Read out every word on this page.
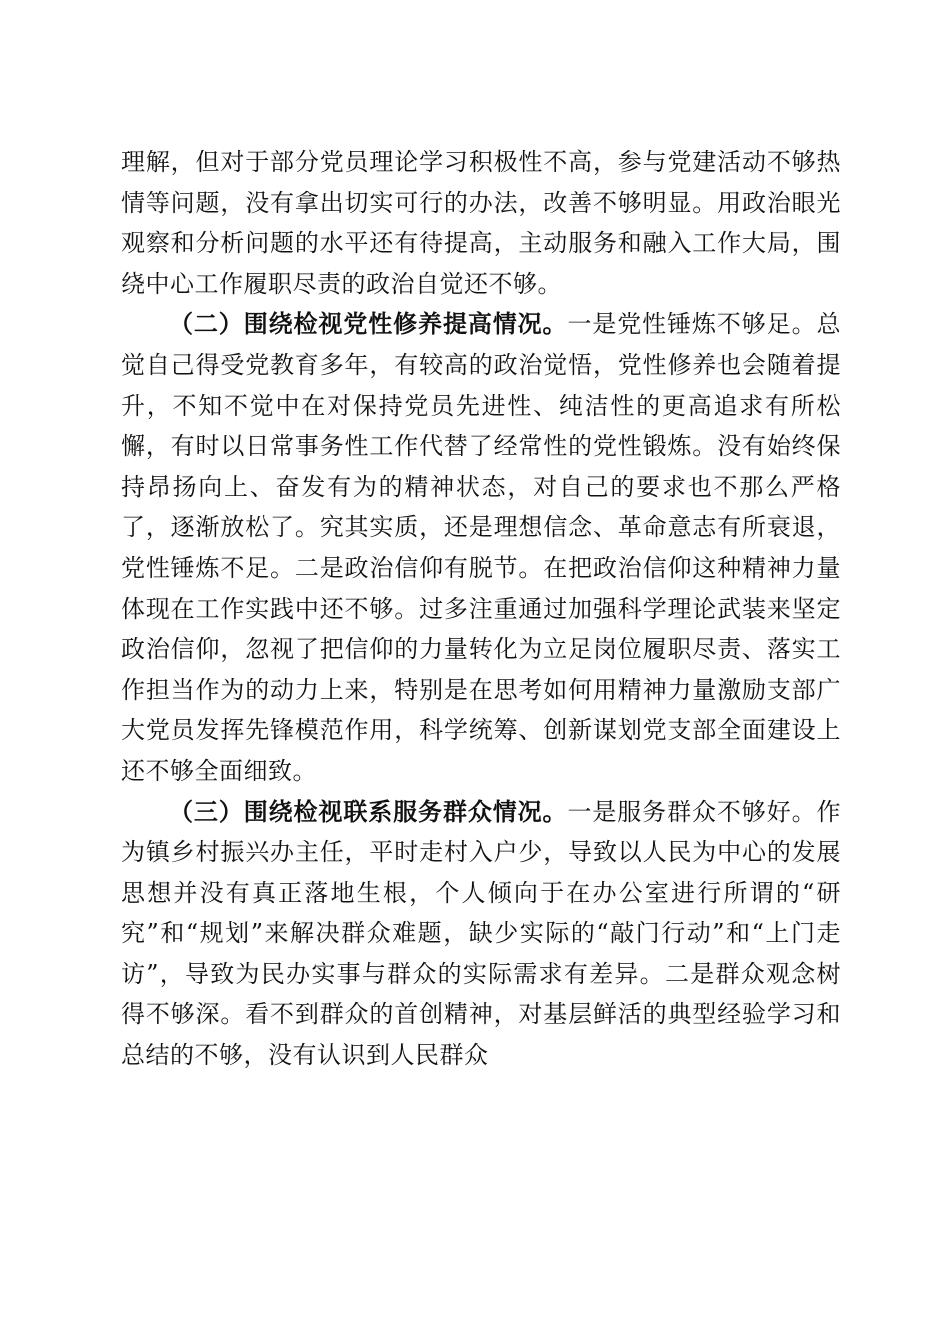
理解，但对于部分党员理论学习积极性不高，参与党建活动不够热情等问题，没有拿出切实可行的办法，改善不够明显。用政治眼光观察和分析问题的水平还有待提高，主动服务和融入工作大局，围绕中心工作履职尽责的政治自觉还不够。

（二）围绕检视党性修养提高情况。一是党性锤炼不够足。总觉自己得受党教育多年，有较高的政治觉悟，党性修养也会随着提升，不知不觉中在对保持党员先进性、纯洁性的更高追求有所松懈，有时以日常事务性工作代替了经常性的党性锻炼。没有始终保持昂扬向上、奋发有为的精神状态，对自己的要求也不那么严格了，逐渐放松了。究其实质，还是理想信念、革命意志有所衰退，党性锤炼不足。二是政治信仰有脱节。在把政治信仰这种精神力量体现在工作实践中还不够。过多注重通过加强科学理论武装来坚定政治信仰，忽视了把信仰的力量转化为立足岗位履职尽责、落实工作担当作为的动力上来，特别是在思考如何用精神力量激励支部广大党员发挥先锋模范作用，科学统筹、创新谋划党支部全面建设上还不够全面细致。

（三）围绕检视联系服务群众情况。一是服务群众不够好。作为镇乡村振兴办主任，平时走村入户少，导致以人民为中心的发展思想并没有真正落地生根，个人倾向于在办公室进行所谓的“研究”和“规划”来解决群众难题，缺少实际的“敲门行动”和“上门走访”，导致为民办实事与群众的实际需求有差异。二是群众观念树得不够深。看不到群众的首创精神，对基层鲜活的典型经验学习和总结的不够，没有认识到人民群众
